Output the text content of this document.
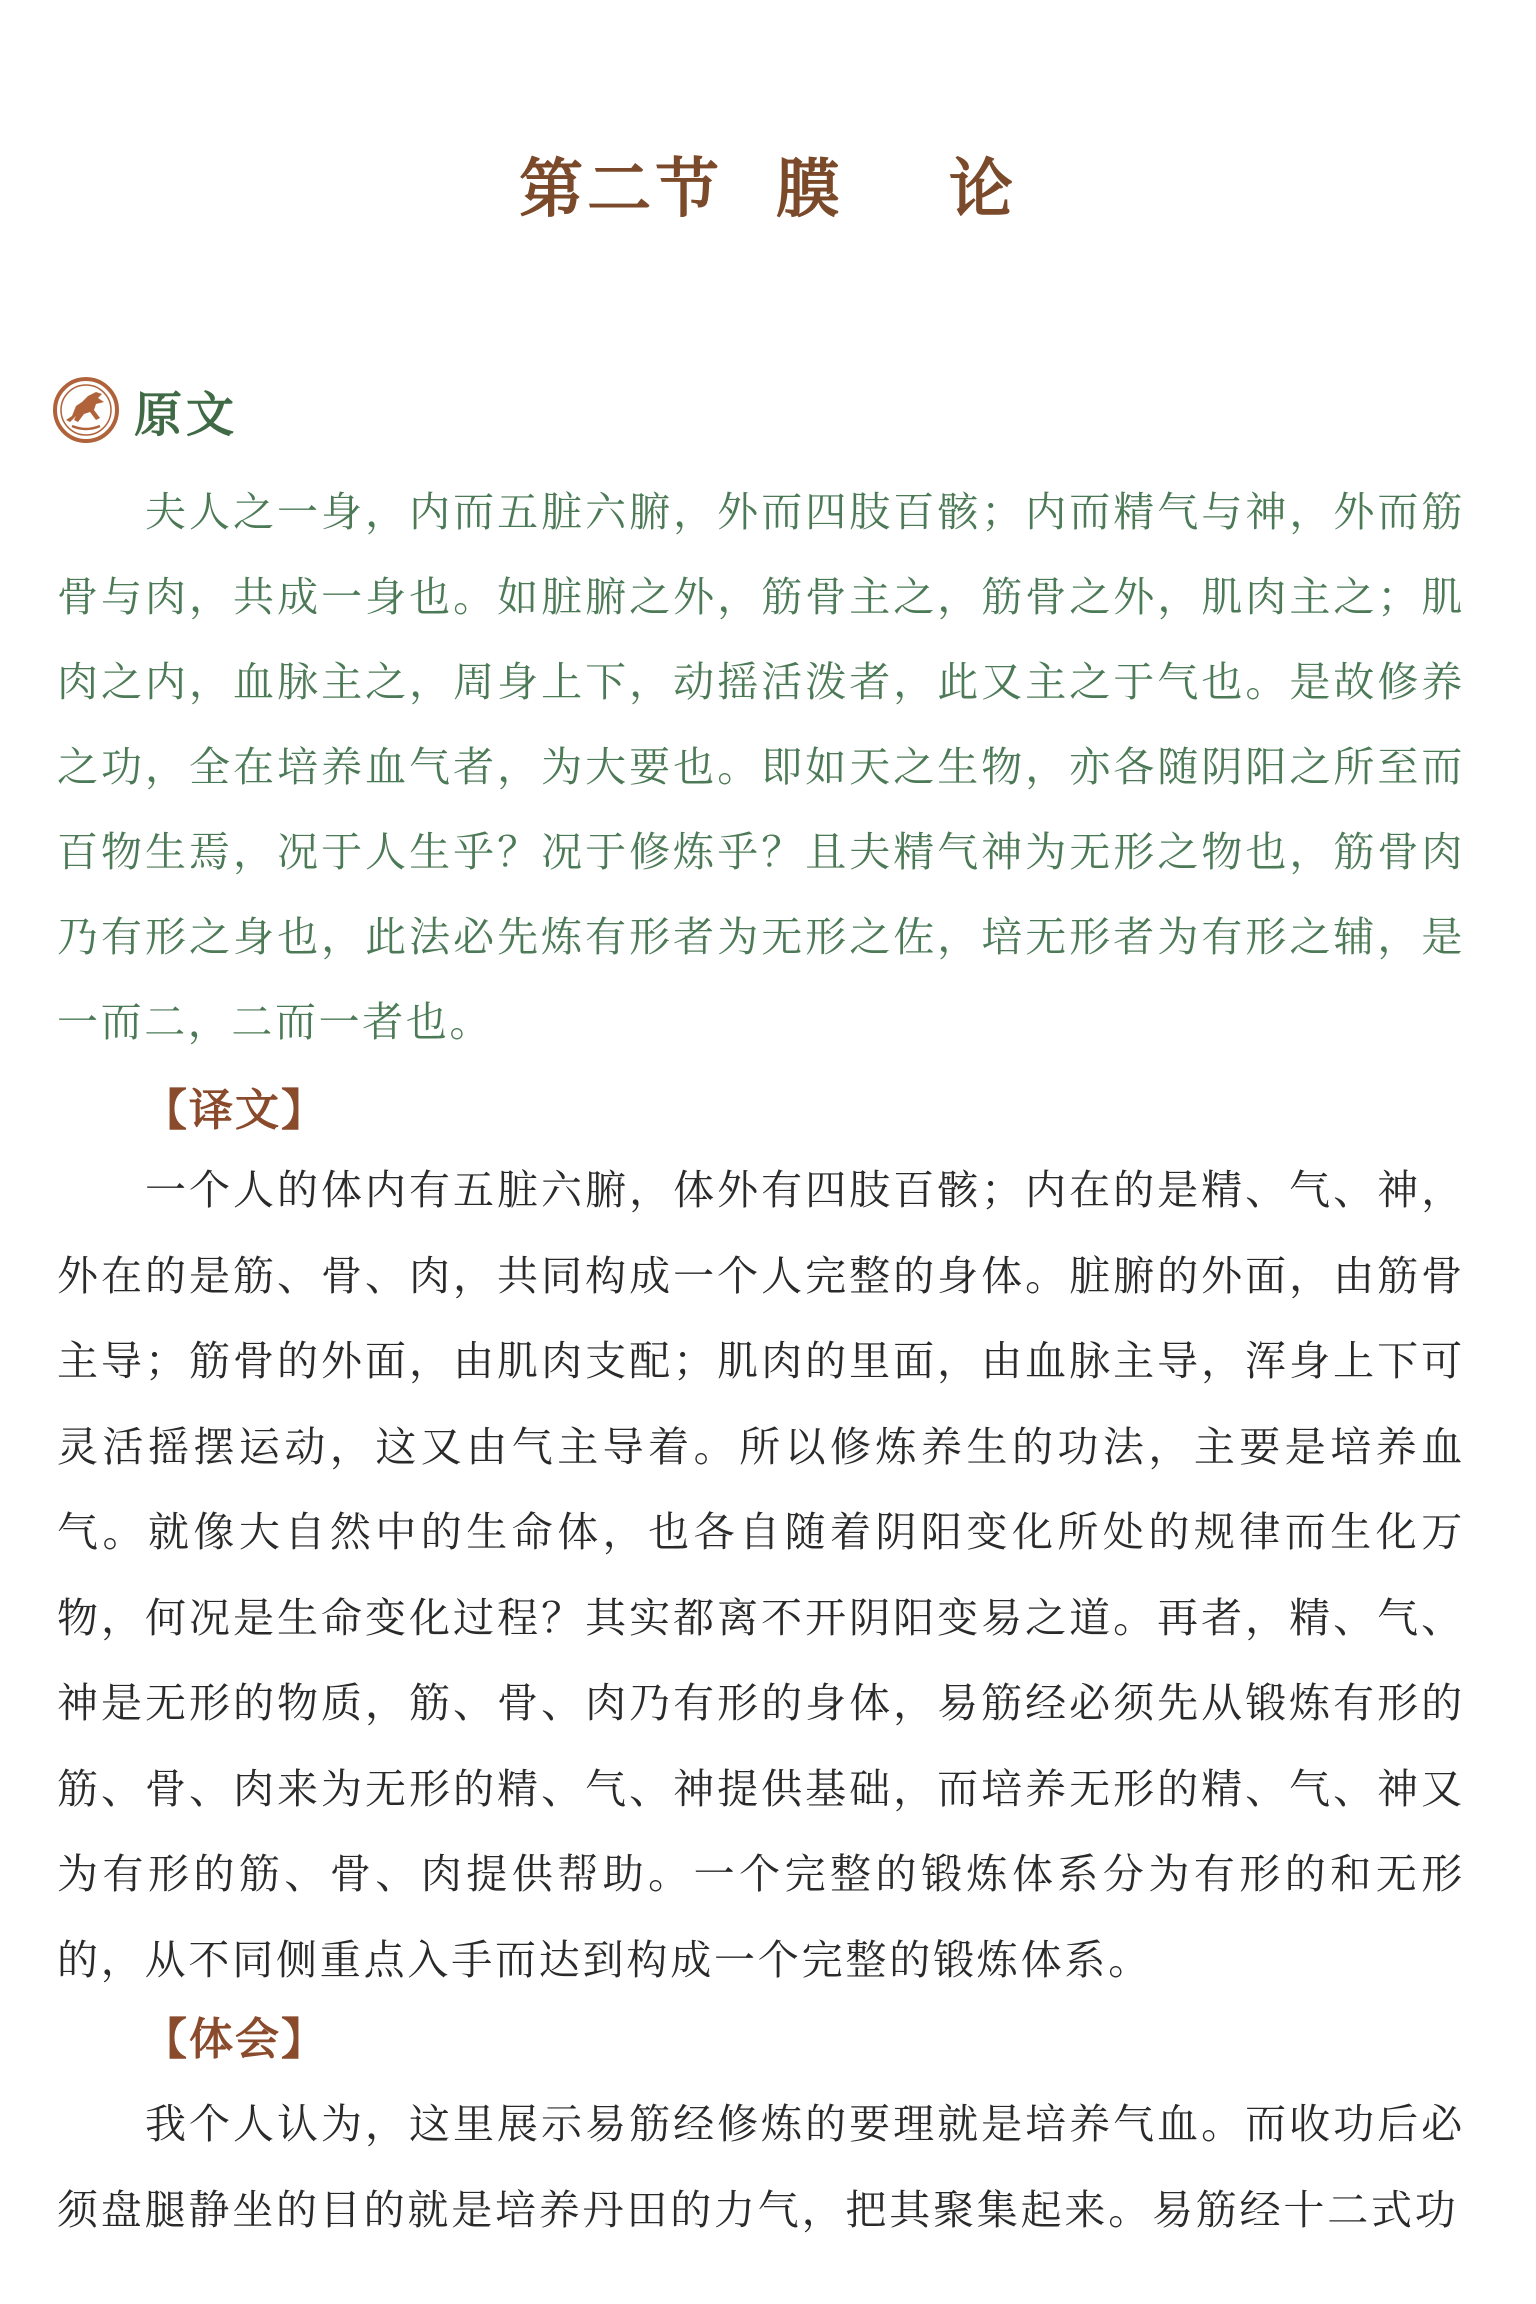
第二节  膜    论
原文

夫人之一身，内而五脏六腑，外而四肢百骸；内而精气与神，外而筋骨与肉，共成一身也。如脏腑之外，筋骨主之，筋骨之外，肌肉主之；肌肉之内，血脉主之，周身上下，动摇活泼者，此又主之于气也。是故修养之功，全在培养血气者，为大要也。即如天之生物，亦各随阴阳之所至而百物生焉，况于人生乎？况于修炼乎？且夫精气神为无形之物也，筋骨肉乃有形之身也，此法必先炼有形者为无形之佐，培无形者为有形之辅，是一而二，二而一者也。

【译文】

一个人的体内有五脏六腑，体外有四肢百骸；内在的是精、气、神，外在的是筋、骨、肉，共同构成一个人完整的身体。脏腑的外面，由筋骨主导；筋骨的外面，由肌肉支配；肌肉的里面，由血脉主导，浑身上下可灵活摇摆运动，这又由气主导着。所以修炼养生的功法，主要是培养血气。就像大自然中的生命体，也各自随着阴阳变化所处的规律而生化万物，何况是生命变化过程？其实都离不开阴阳变易之道。再者，精、气、神是无形的物质，筋、骨、肉乃有形的身体，易筋经必须先从锻炼有形的筋、骨、肉来为无形的精、气、神提供基础，而培养无形的精、气、神又为有形的筋、骨、肉提供帮助。一个完整的锻炼体系分为有形的和无形的，从不同侧重点入手而达到构成一个完整的锻炼体系。

【体会】

我个人认为，这里展示易筋经修炼的要理就是培养气血。而收功后必须盘腿静坐的目的就是培养丹田的力气，把其聚集起来。易筋经十二式功
